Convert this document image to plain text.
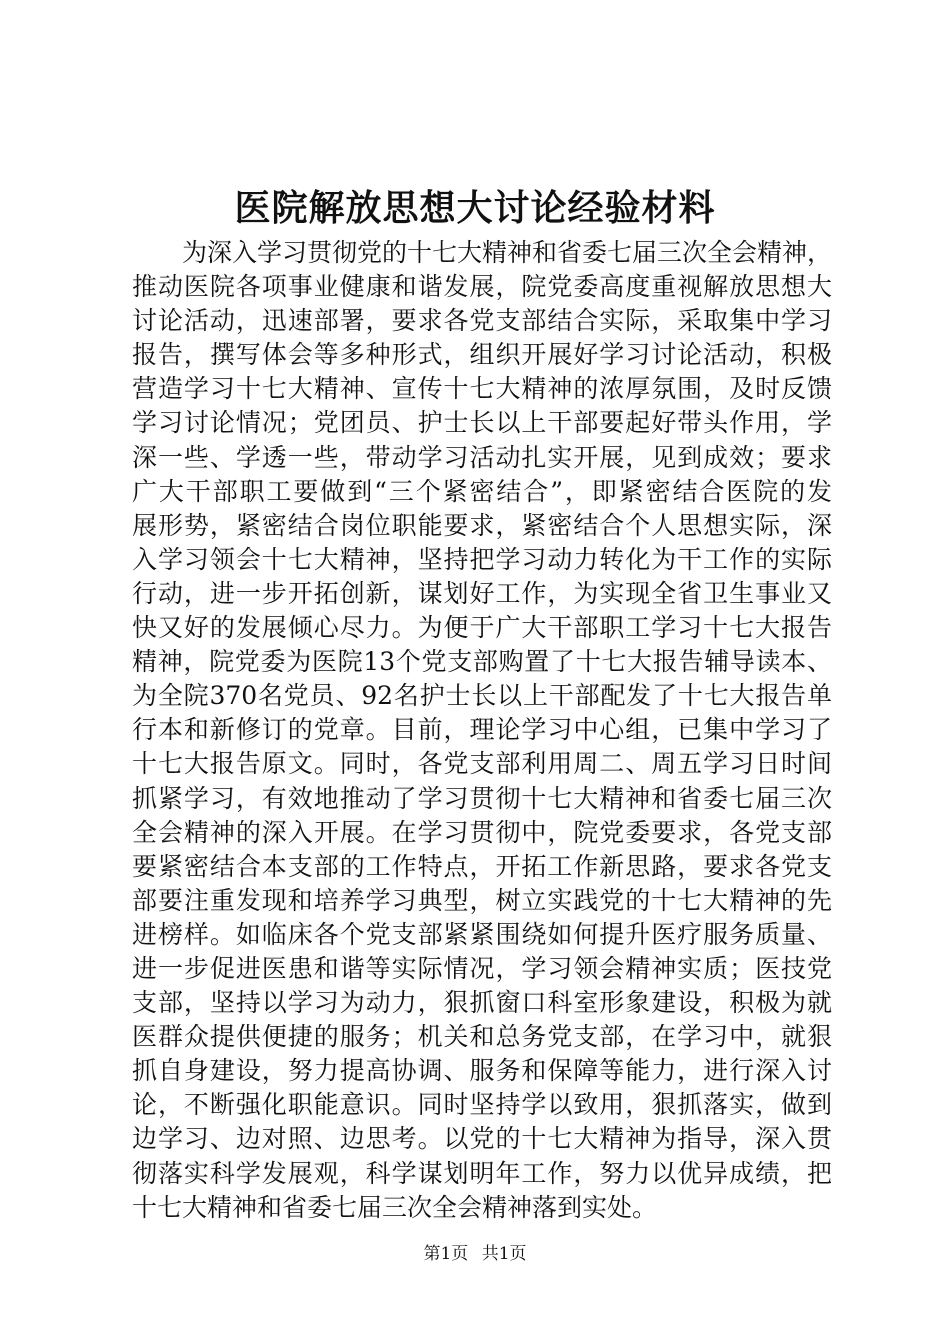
医院解放思想大讨论经验材料
为深入学习贯彻党的十七大精神和省委七届三次全会精神，
推动医院各项事业健康和谐发展，院党委高度重视解放思想大
讨论活动，迅速部署，要求各党支部结合实际，采取集中学习
报告，撰写体会等多种形式，组织开展好学习讨论活动，积极
营造学习十七大精神、宣传十七大精神的浓厚氛围，及时反馈
学习讨论情况；党团员、护士长以上干部要起好带头作用，学
深一些、学透一些，带动学习活动扎实开展，见到成效；要求
广大干部职工要做到“三个紧密结合”，即紧密结合医院的发
展形势，紧密结合岗位职能要求，紧密结合个人思想实际，深
入学习领会十七大精神，坚持把学习动力转化为干工作的实际
行动，进一步开拓创新，谋划好工作，为实现全省卫生事业又
快又好的发展倾心尽力。为便于广大干部职工学习十七大报告
精神，院党委为医院13个党支部购置了十七大报告辅导读本、
为全院370名党员、92名护士长以上干部配发了十七大报告单
行本和新修订的党章。目前，理论学习中心组，已集中学习了
十七大报告原文。同时，各党支部利用周二、周五学习日时间
抓紧学习，有效地推动了学习贯彻十七大精神和省委七届三次
全会精神的深入开展。在学习贯彻中，院党委要求，各党支部
要紧密结合本支部的工作特点，开拓工作新思路，要求各党支
部要注重发现和培养学习典型，树立实践党的十七大精神的先
进榜样。如临床各个党支部紧紧围绕如何提升医疗服务质量、
进一步促进医患和谐等实际情况，学习领会精神实质；医技党
支部，坚持以学习为动力，狠抓窗口科室形象建设，积极为就
医群众提供便捷的服务；机关和总务党支部，在学习中，就狠
抓自身建设，努力提高协调、服务和保障等能力，进行深入讨
论，不断强化职能意识。同时坚持学以致用，狠抓落实，做到
边学习、边对照、边思考。以党的十七大精神为指导，深入贯
彻落实科学发展观，科学谋划明年工作，努力以优异成绩，把
十七大精神和省委七届三次全会精神落到实处。
第1页 共1页
